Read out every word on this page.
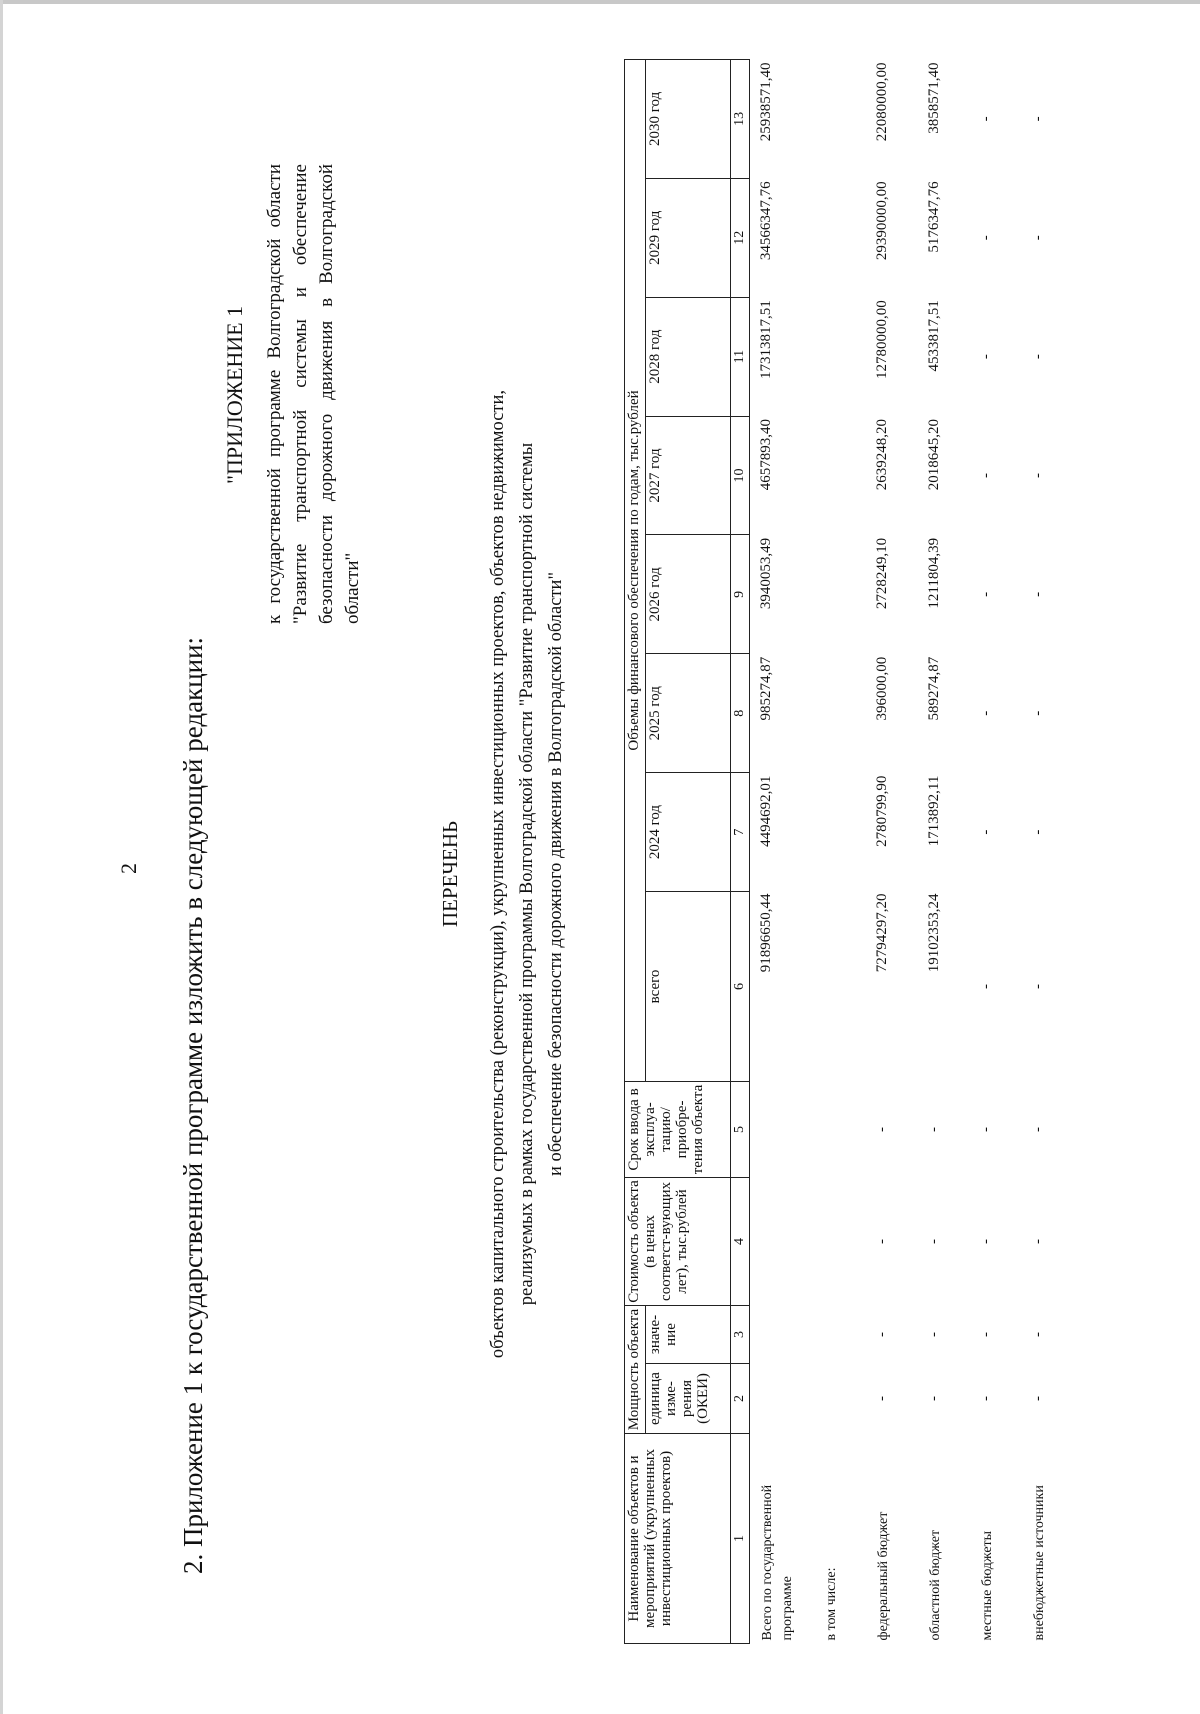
2 2. Приложение 1 к государственной программе изложить в следующей редакции:
"ПРИЛОЖЕНИЕ 1 к государственной программе Волгоградской области "Развитие транспортной системы и обеспечение безопасности дорожного движения в Волгоградской области"
ПЕРЕЧЕНЬ объектов капитального строительства (реконструкции), укрупненных инвестиционных проектов, объектов недвижимости, реализуемых в рамках государственной программы Волгоградской области "Развитие транспортной системы и обеспечение безопасности дорожного движения в Волгоградской области"
Наименование объектов и мероприятий (укрупненных инвестиционных проектов)	Мощность объекта		Стоимость объекта (в ценах соответст-вующих лет), тыс.рублей	Срок ввода в эксплуа-тацию/ приобре-тения объекта	Объемы финансового обеспечения по годам, тыс.рублей							
	единица изме-рения (ОКЕИ)	значе-ние			всего	2024 год	2025 год	2026 год	2027 год	2028 год	2029 год	2030 год
1	2	3	4	5	6	7	8	9	10	11	12	13
Всего по государственной программе					91896650,44	4494692,01	985274,87	3940053,49	4657893,40	17313817,51	34566347,76	25938571,40
в том числе:												
федеральный бюджет	-	-	-	-	72794297,20	2780799,90	396000,00	2728249,10	2639248,20	12780000,00	29390000,00	22080000,00
областной бюджет	-	-	-	-	19102353,24	1713892,11	589274,87	1211804,39	2018645,20	4533817,51	5176347,76	3858571,40
местные бюджеты	-	-	-	-	-	-	-	-	-	-	-	-
внебюджетные источники	-	-	-	-	-	-	-	-	-	-	-	-
